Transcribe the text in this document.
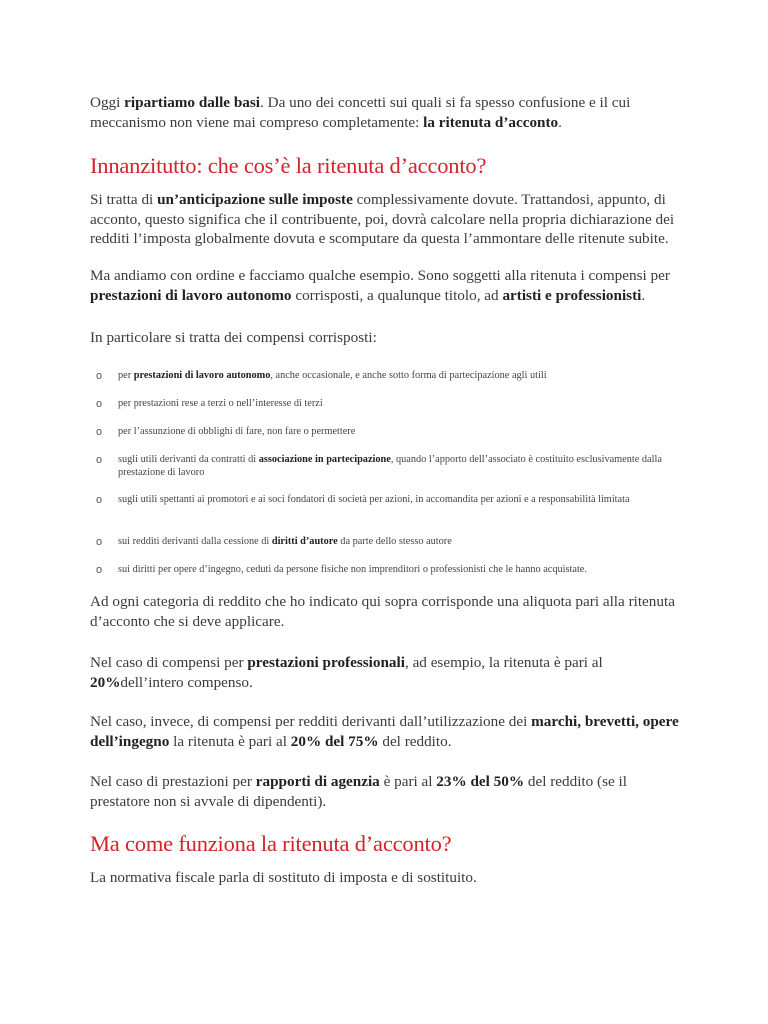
Oggi ripartiamo dalle basi. Da uno dei concetti sui quali si fa spesso confusione e il cui meccanismo non viene mai compreso completamente: la ritenuta d’acconto.

Innanzitutto: che cos’è la ritenuta d’acconto?

Si tratta di un’anticipazione sulle imposte complessivamente dovute. Trattandosi, appunto, di acconto, questo significa che il contribuente, poi, dovrà calcolare nella propria dichiarazione dei redditi l’imposta globalmente dovuta e scomputare da questa l’ammontare delle ritenute subite.

Ma andiamo con ordine e facciamo qualche esempio. Sono soggetti alla ritenuta i compensi per prestazioni di lavoro autonomo corrisposti, a qualunque titolo, ad artisti e professionisti.

In particolare si tratta dei compensi corrisposti:

o per prestazioni di lavoro autonomo, anche occasionale, e anche sotto forma di partecipazione agli utili
o per prestazioni rese a terzi o nell’interesse di terzi
o per l’assunzione di obblighi di fare, non fare o permettere
o sugli utili derivanti da contratti di associazione in partecipazione, quando l’apporto dell’associato è costituito esclusivamente dalla prestazione di lavoro
o sugli utili spettanti ai promotori e ai soci fondatori di società per azioni, in accomandita per azioni e a responsabilità limitata
o sui redditi derivanti dalla cessione di diritti d’autore da parte dello stesso autore
o sui diritti per opere d’ingegno, ceduti da persone fisiche non imprenditori o professionisti che le hanno acquistate.

Ad ogni categoria di reddito che ho indicato qui sopra corrisponde una aliquota pari alla ritenuta d’acconto che si deve applicare.

Nel caso di compensi per prestazioni professionali, ad esempio, la ritenuta è pari al 20%dell’intero compenso.

Nel caso, invece, di compensi per redditi derivanti dall’utilizzazione dei marchi, brevetti, opere dell’ingegno la ritenuta è pari al 20% del 75% del reddito.

Nel caso di prestazioni per rapporti di agenzia è pari al 23% del 50% del reddito (se il prestatore non si avvale di dipendenti).

Ma come funziona la ritenuta d’acconto?

La normativa fiscale parla di sostituto di imposta e di sostituito.
